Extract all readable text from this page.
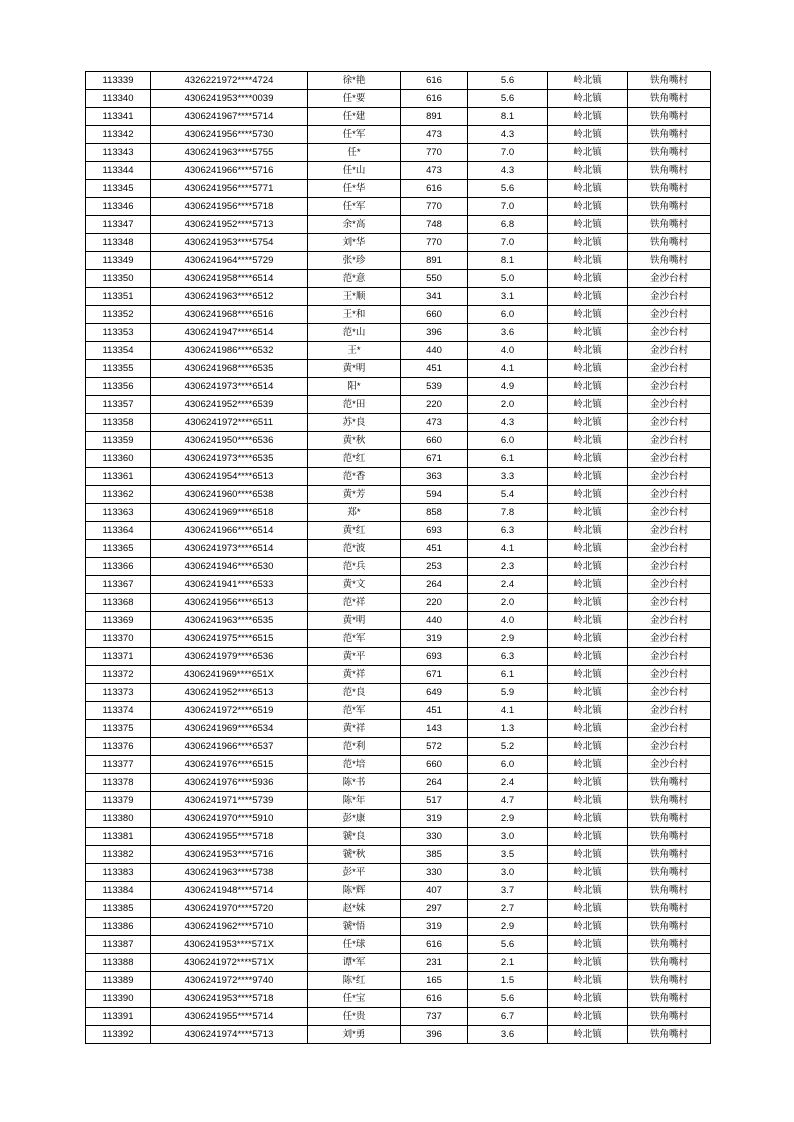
113339	4326221972****4724	徐*艳	616	5.6	岭北镇	铁角嘴村
113340	4306241953****0039	任*要	616	5.6	岭北镇	铁角嘴村
113341	4306241967****5714	任*建	891	8.1	岭北镇	铁角嘴村
113342	4306241956****5730	任*军	473	4.3	岭北镇	铁角嘴村
113343	4306241963****5755	任*	770	7.0	岭北镇	铁角嘴村
113344	4306241966****5716	任*山	473	4.3	岭北镇	铁角嘴村
113345	4306241956****5771	任*华	616	5.6	岭北镇	铁角嘴村
113346	4306241956****5718	任*军	770	7.0	岭北镇	铁角嘴村
113347	4306241952****5713	余*高	748	6.8	岭北镇	铁角嘴村
113348	4306241953****5754	刘*华	770	7.0	岭北镇	铁角嘴村
113349	4306241964****5729	张*珍	891	8.1	岭北镇	铁角嘴村
113350	4306241958****6514	范*意	550	5.0	岭北镇	金沙台村
113351	4306241963****6512	王*顺	341	3.1	岭北镇	金沙台村
113352	4306241968****6516	王*和	660	6.0	岭北镇	金沙台村
113353	4306241947****6514	范*山	396	3.6	岭北镇	金沙台村
113354	4306241986****6532	王*	440	4.0	岭北镇	金沙台村
113355	4306241968****6535	黄*明	451	4.1	岭北镇	金沙台村
113356	4306241973****6514	阳*	539	4.9	岭北镇	金沙台村
113357	4306241952****6539	范*田	220	2.0	岭北镇	金沙台村
113358	4306241972****6511	苏*良	473	4.3	岭北镇	金沙台村
113359	4306241950****6536	黄*秋	660	6.0	岭北镇	金沙台村
113360	4306241973****6535	范*红	671	6.1	岭北镇	金沙台村
113361	4306241954****6513	范*香	363	3.3	岭北镇	金沙台村
113362	4306241960****6538	黄*芳	594	5.4	岭北镇	金沙台村
113363	4306241969****6518	郑*	858	7.8	岭北镇	金沙台村
113364	4306241966****6514	黄*红	693	6.3	岭北镇	金沙台村
113365	4306241973****6514	范*波	451	4.1	岭北镇	金沙台村
113366	4306241946****6530	范*兵	253	2.3	岭北镇	金沙台村
113367	4306241941****6533	黄*文	264	2.4	岭北镇	金沙台村
113368	4306241956****6513	范*祥	220	2.0	岭北镇	金沙台村
113369	4306241963****6535	黄*明	440	4.0	岭北镇	金沙台村
113370	4306241975****6515	范*军	319	2.9	岭北镇	金沙台村
113371	4306241979****6536	黄*平	693	6.3	岭北镇	金沙台村
113372	4306241969****651X	黄*祥	671	6.1	岭北镇	金沙台村
113373	4306241952****6513	范*良	649	5.9	岭北镇	金沙台村
113374	4306241972****6519	范*军	451	4.1	岭北镇	金沙台村
113375	4306241969****6534	黄*祥	143	1.3	岭北镇	金沙台村
113376	4306241966****6537	范*利	572	5.2	岭北镇	金沙台村
113377	4306241976****6515	范*培	660	6.0	岭北镇	金沙台村
113378	4306241976****5936	陈*书	264	2.4	岭北镇	铁角嘴村
113379	4306241971****5739	陈*年	517	4.7	岭北镇	铁角嘴村
113380	4306241970****5910	彭*康	319	2.9	岭北镇	铁角嘴村
113381	4306241955****5718	虢*良	330	3.0	岭北镇	铁角嘴村
113382	4306241953****5716	虢*秋	385	3.5	岭北镇	铁角嘴村
113383	4306241963****5738	彭*平	330	3.0	岭北镇	铁角嘴村
113384	4306241948****5714	陈*辉	407	3.7	岭北镇	铁角嘴村
113385	4306241970****5720	赵*妹	297	2.7	岭北镇	铁角嘴村
113386	4306241962****5710	虢*悟	319	2.9	岭北镇	铁角嘴村
113387	4306241953****571X	任*球	616	5.6	岭北镇	铁角嘴村
113388	4306241972****571X	谭*军	231	2.1	岭北镇	铁角嘴村
113389	4306241972****9740	陈*红	165	1.5	岭北镇	铁角嘴村
113390	4306241953****5718	任*宝	616	5.6	岭北镇	铁角嘴村
113391	4306241955****5714	任*贵	737	6.7	岭北镇	铁角嘴村
113392	4306241974****5713	刘*勇	396	3.6	岭北镇	铁角嘴村
